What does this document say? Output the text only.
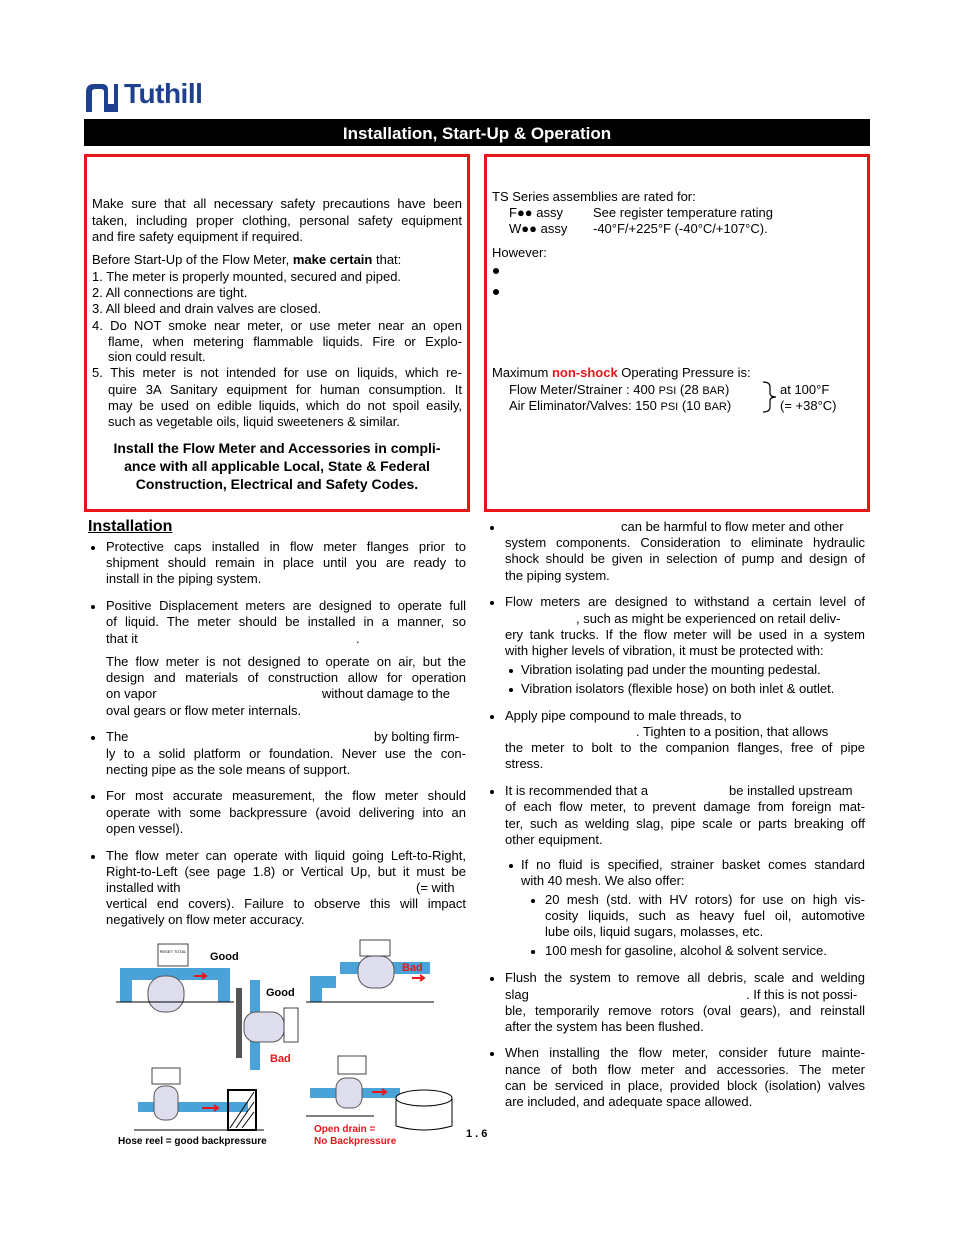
Tuthill
Installation, Start-Up & Operation
Make sure that all necessary safety precautions have been
taken, including proper clothing, personal safety equipment
and fire safety equipment if required.
Before Start-Up of the Flow Meter, make certain that:
1. The meter is properly mounted, secured and piped.
2. All connections are tight.
3. All bleed and drain valves are closed.
4. Do NOT smoke near meter, or use meter near an open
flame, when metering flammable liquids. Fire or Explo-
sion could result.
5. This meter is not intended for use on liquids, which re-
quire 3A Sanitary equipment for human consumption. It
may be used on edible liquids, which do not spoil easily,
such as vegetable oils, liquid sweeteners & similar.
Install the Flow Meter and Accessories in compli-
ance with all applicable Local, State & Federal
Construction, Electrical and Safety Codes.
TS Series assemblies are rated for:
F●● assy See register temperature rating
W●● assy -40°F/+225°F (-40°C/+107°C).
However:
Maximum non-shock Operating Pressure is:
Flow Meter/Strainer : 400 PSI (28 BAR)
Air Eliminator/Valves: 150 PSI (10 BAR)
at 100°F
(= +38°C)
Installation
Protective caps installed in flow meter flanges prior to
shipment should remain in place until you are ready to
install in the piping system.
Positive Displacement meters are designed to operate full
of liquid. The meter should be installed in a manner, so
that it	.
The flow meter is not designed to operate on air, but the
design and materials of construction allow for operation
on vapor	without damage to the
oval gears or flow meter internals.
The	by bolting firm-
ly to a solid platform or foundation. Never use the con-
necting pipe as the sole means of support.
For most accurate measurement, the flow meter should
operate with some backpressure (avoid delivering into an
open vessel).
The flow meter can operate with liquid going Left-to-Right,
Right-to-Left (see page 1.8) or Vertical Up, but it must be
installed with	(= with
vertical end covers). Failure to observe this will impact
negatively on flow meter accuracy.
RESET TOTAL Good
Good
Bad
Bad
Hose reel = good backpressure
Open drain =
No Backpressure
can be harmful to flow meter and other
system components. Consideration to eliminate hydraulic
shock should be given in selection of pump and design of
the piping system.
Flow meters are designed to withstand a certain level of
, such as might be experienced on retail deliv-
ery tank trucks. If the flow meter will be used in a system
with higher levels of vibration, it must be protected with:
Vibration isolating pad under the mounting pedestal.
Vibration isolators (flexible hose) on both inlet & outlet.
Apply pipe compound to male threads, to
. Tighten to a position, that allows
the meter to bolt to the companion flanges, free of pipe
stress.
It is recommended that a	be installed upstream
of each flow meter, to prevent damage from foreign mat-
ter, such as welding slag, pipe scale or parts breaking off
other equipment.
If no fluid is specified, strainer basket comes standard
with 40 mesh. We also offer:
20 mesh (std. with HV rotors) for use on high vis-
cosity liquids, such as heavy fuel oil, automotive
lube oils, liquid sugars, molasses, etc.
100 mesh for gasoline, alcohol & solvent service.
Flush the system to remove all debris, scale and welding
slag	. If this is not possi-
ble, temporarily remove rotors (oval gears), and reinstall
after the system has been flushed.
When installing the flow meter, consider future mainte-
nance of both flow meter and accessories. The meter
can be serviced in place, provided block (isolation) valves
are included, and adequate space allowed.
1 . 6
